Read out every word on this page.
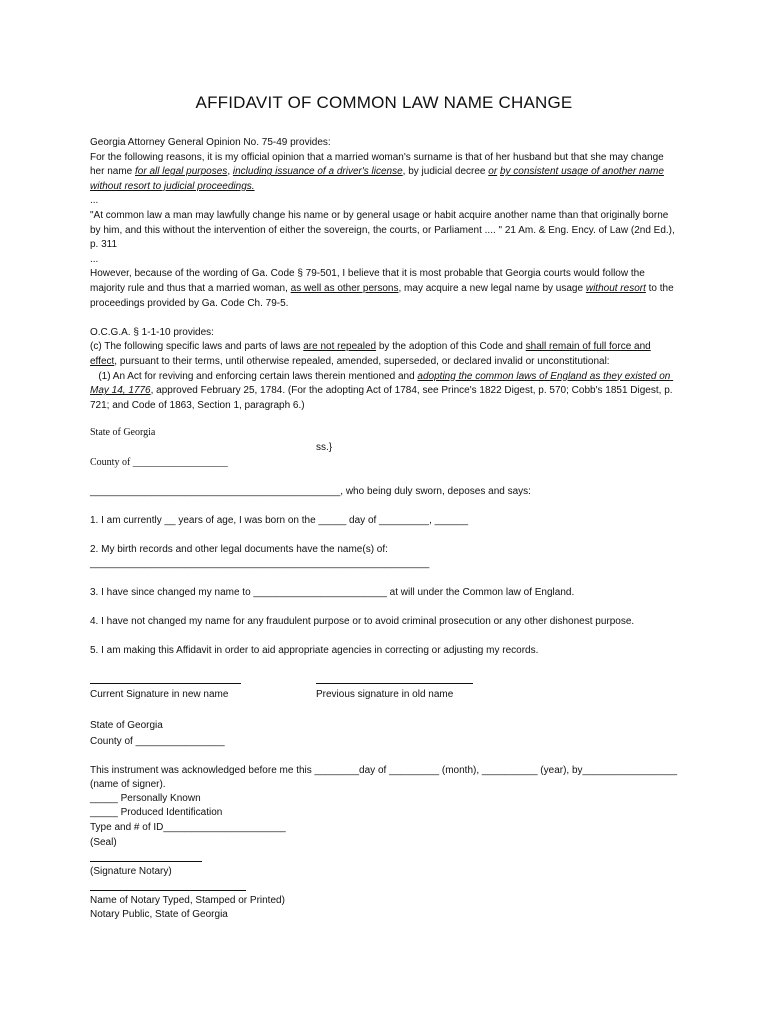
AFFIDAVIT OF COMMON LAW NAME CHANGE

Georgia Attorney General Opinion No. 75-49 provides:

For the following reasons, it is my official opinion that a married woman's surname is that of her husband but that she may change her name for all legal purposes, including issuance of a driver's license, by judicial decree or by consistent usage of another name without resort to judicial proceedings.

...

"At common law a man may lawfully change his name or by general usage or habit acquire another name than that originally borne by him, and this without the intervention of either the sovereign, the courts, or Parliament .... " 21 Am. & Eng. Ency. of Law (2nd Ed.), p. 311

...

However, because of the wording of Ga. Code § 79-501, I believe that it is most probable that Georgia courts would follow the majority rule and thus that a married woman, as well as other persons, may acquire a new legal name by usage without resort to the proceedings provided by Ga. Code Ch. 79-5.

O.C.G.A. § 1-1-10 provides:

(c) The following specific laws and parts of laws are not repealed by the adoption of this Code and shall remain of full force and effect, pursuant to their terms, until otherwise repealed, amended, superseded, or declared invalid or unconstitutional:

(1) An Act for reviving and enforcing certain laws therein mentioned and adopting the common laws of England as they existed on May 14, 1776, approved February 25, 1784. (For the adopting Act of 1784, see Prince's 1822 Digest, p. 570; Cobb's 1851 Digest, p. 721; and Code of 1863, Section 1, paragraph 6.)

State of Georgia
ss.}
County of ___________________
_____________________________________________, who being duly sworn, deposes and says:
1. I am currently __ years of age, I was born on the _____ day of _________, ______
2. My birth records and other legal documents have the name(s) of:
_____________________________________________________________
3. I have since changed my name to ________________________ at will under the Common law of England.
4. I have not changed my name for any fraudulent purpose or to avoid criminal prosecution or any other dishonest purpose.
5. I am making this Affidavit in order to aid appropriate agencies in correcting or adjusting my records.
Current Signature in new name	Previous signature in old name
State of Georgia
County of ________________
This instrument was acknowledged before me this ________day of _________ (month), __________ (year), by_________________
(name of signer).
_____ Personally Known
_____ Produced Identification
Type and # of ID______________________
(Seal)
(Signature Notary)
Name of Notary Typed, Stamped or Printed)
Notary Public, State of Georgia
